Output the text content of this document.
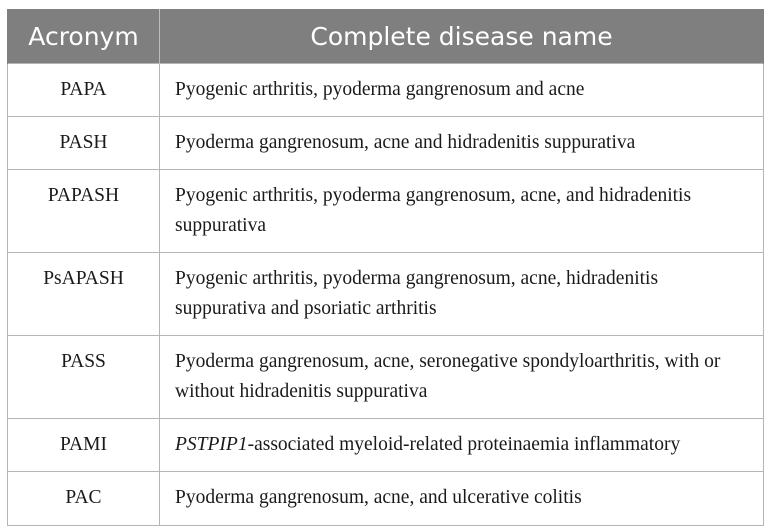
Acronym	Complete disease name
PAPA	Pyogenic arthritis, pyoderma gangrenosum and acne
PASH	Pyoderma gangrenosum, acne and hidradenitis suppurativa
PAPASH	Pyogenic arthritis, pyoderma gangrenosum, acne, and hidradenitis suppurativa
PsAPASH	Pyogenic arthritis, pyoderma gangrenosum, acne, hidradenitis suppurativa and psoriatic arthritis
PASS	Pyoderma gangrenosum, acne, seronegative spondyloarthritis, with or without hidradenitis suppurativa
PAMI	PSTPIP1-associated myeloid-related proteinaemia inflammatory
PAC	Pyoderma gangrenosum, acne, and ulcerative colitis
